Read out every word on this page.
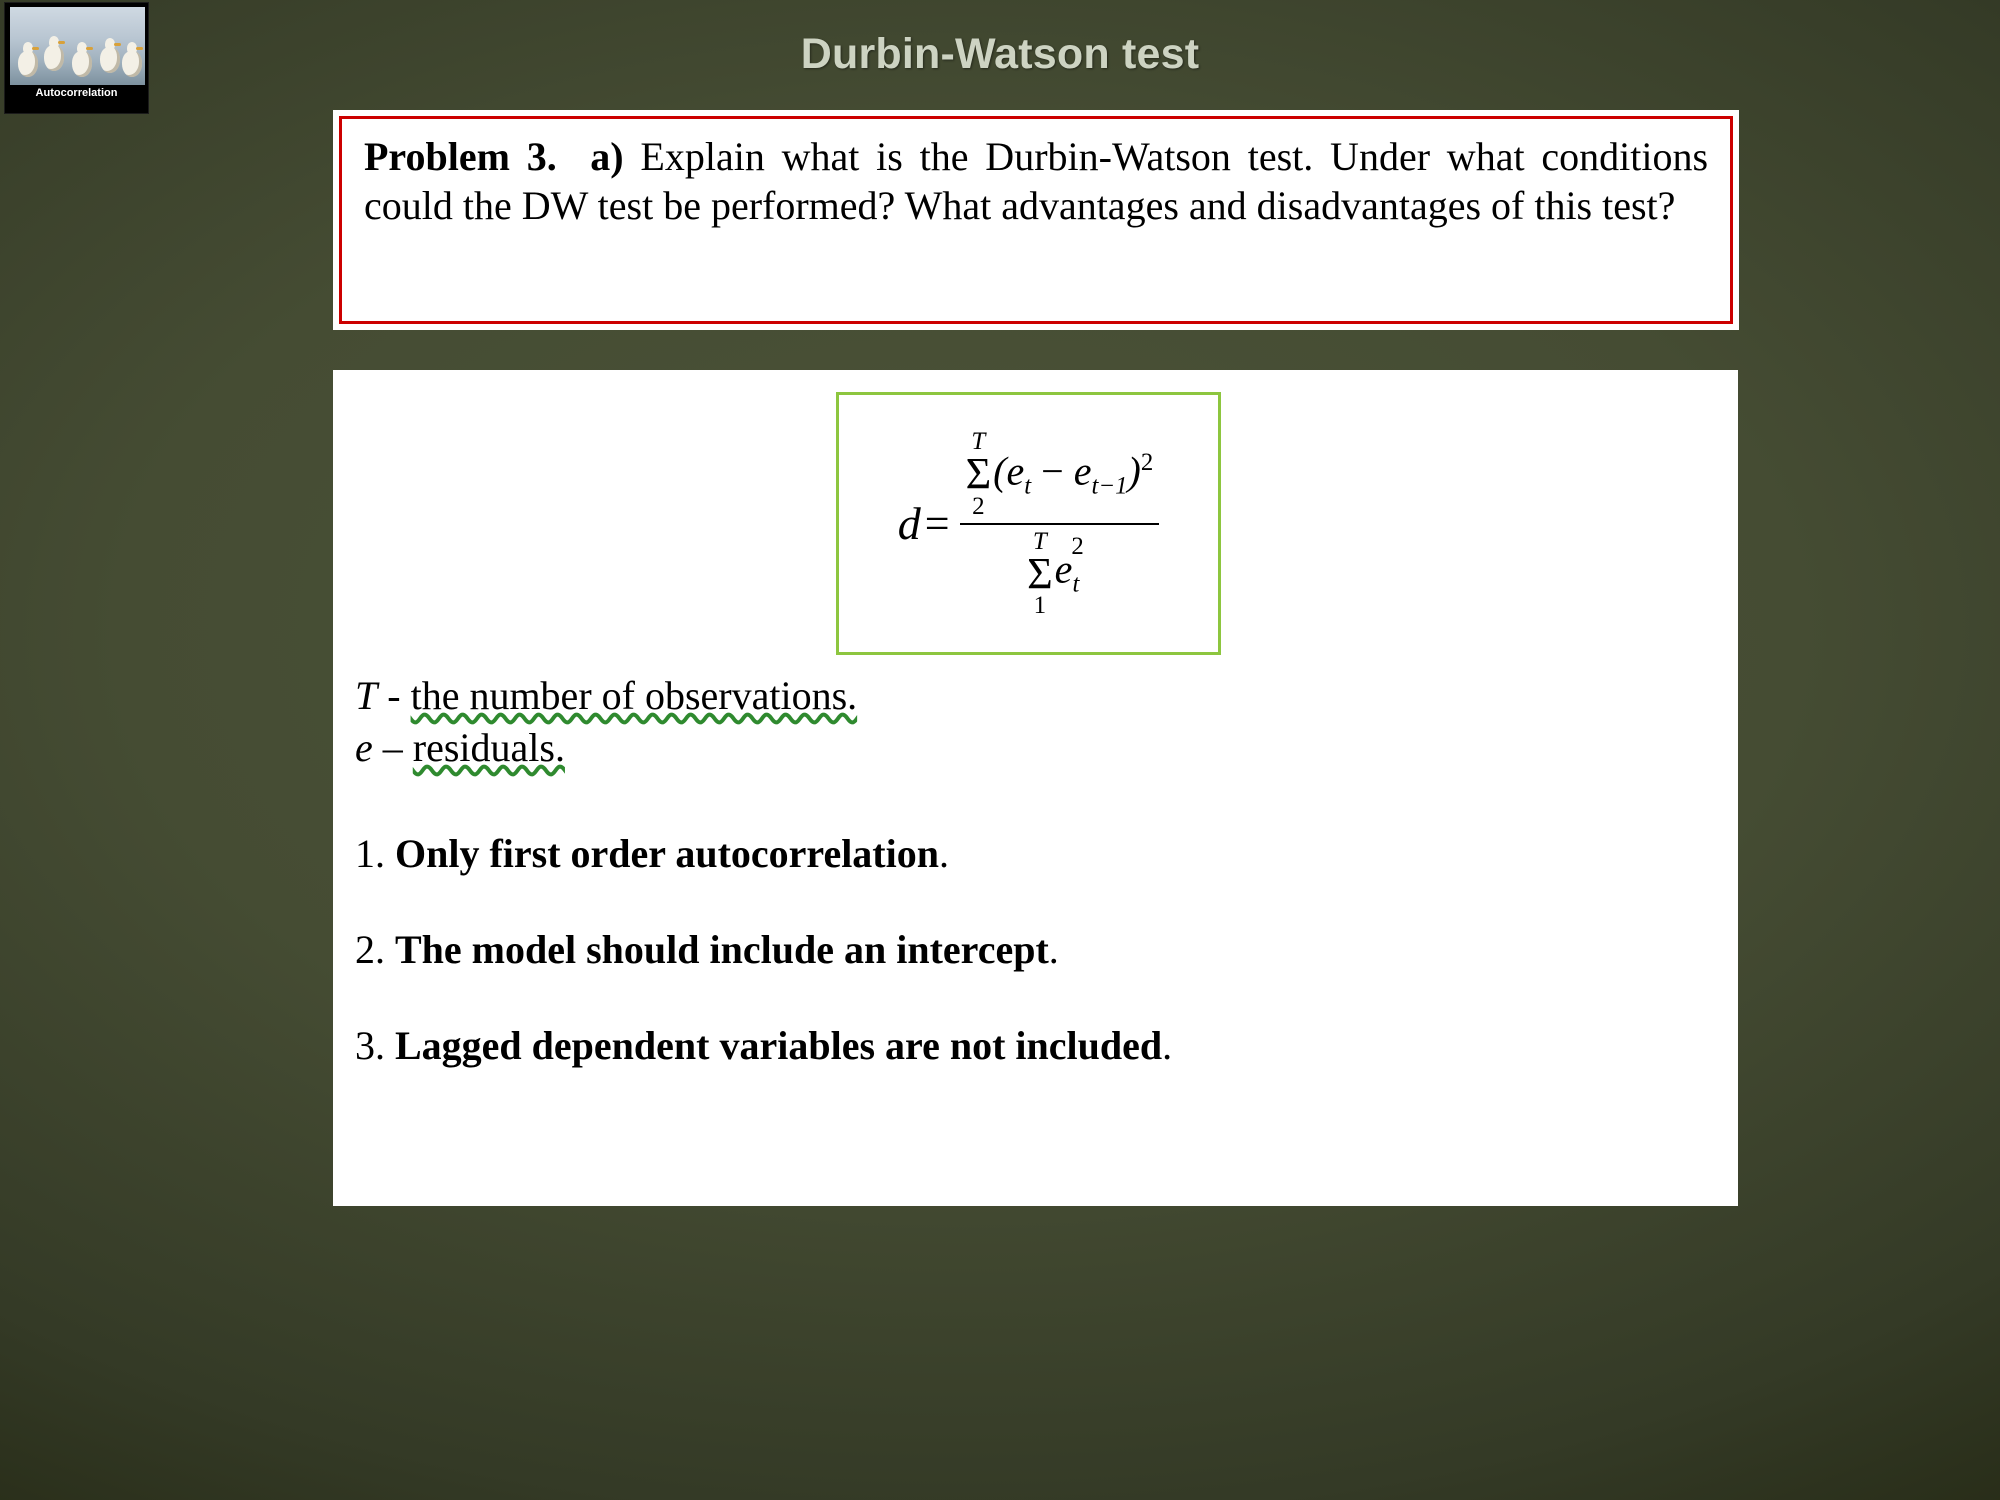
Autocorrelation
Durbin-Watson test
Problem 3. a) Explain what is the Durbin-Watson test. Under what conditions could the DW test be performed? What advantages and disadvantages of this test?
d =
T
Σ
2
$(e_t - e_{t-1})^2$
T
Σ
1
$e_t^2$
T - the number of observations.
e – residuals.
1. Only first order autocorrelation.
2. The model should include an intercept.
3. Lagged dependent variables are not included.
